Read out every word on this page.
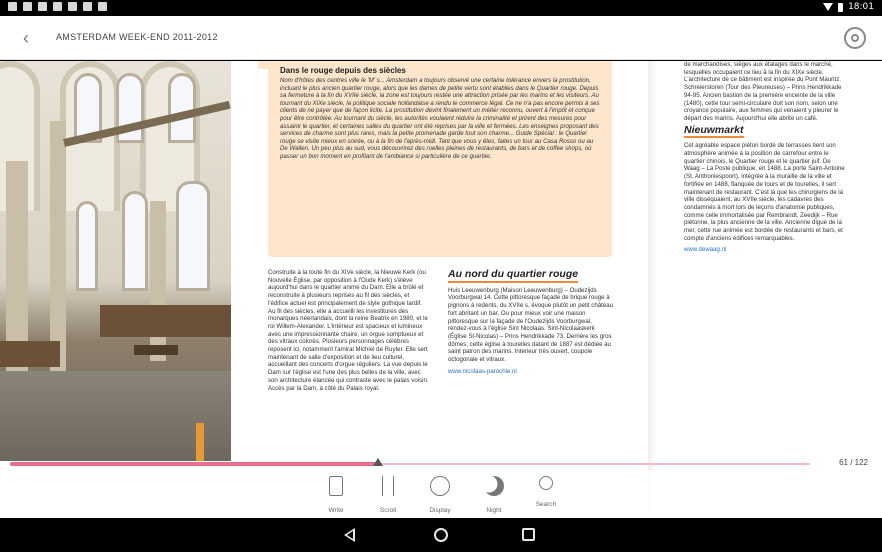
18:01
‹	AMSTERDAM WEEK-END 2011-2012
Dans le rouge depuis des siècles

Nom d'hôtes des centres ville le 'M' s... Amsterdam a toujours observé une certaine tolérance envers la prostitution, incluant le plus ancien quartier rouge, alors que les dames de petite vertu sont établies dans le Quartier rouge. Depuis sa fermeture à la fin du XVIIe siècle, la zone est toujours restée une attraction prisée par les marins et les visiteurs. Au tournant du XIXe siècle, la politique sociale hollandaise a rendu le commerce légal. Ce ne n'a pas encore permis à ses clients de ne payer que de façon licite. La prostitution devint finalement un métier reconnu, ouvert à l'impôt et conçue pour être contrôlée. Au tournant du siècle, les autorités voulaient réduire la criminalité et prirent des mesures pour assainir le quartier, et certaines salles du quartier ont été reprises par la ville et fermées. Les enseignes proposant des services de charme sont plus rares, mais la petite promenade garde tout son charme... Guide Spécial : le Quartier rouge se visite mieux en soirée, ou à la fin de l'après-midi. Tant que vous y êtes, faites un tour au Casa Rosso ou au De Wallen. Un peu plus au sud, vous découvrirez des ruelles pleines de restaurants, de bars et de coffee shops, où passer un bon moment en profitant de l'ambiance si particulière de ce quartier.

Construite à la toute fin du XIVe siècle, la Nieuwe Kerk (ou Nouvelle Église, par opposition à l'Oude Kerk) s'élève aujourd'hui dans le quartier animé du Dam. Elle a brûlé et reconstruite à plusieurs reprises au fil des siècles, et l'édifice actuel est principalement de style gothique tardif. Au fil des siècles, elle a accueilli les investitures des monarques néerlandais, dont la reine Beatrix en 1980, et le roi Willem-Alexander. L'intérieur est spacieux et lumineux avec une impressionnante chaire, un orgue somptueux et des vitraux colorés. Plusieurs personnages célèbres reposent ici, notamment l'amiral Michiel de Ruyter. Elle sert maintenant de salle d'exposition et de lieu culturel, accueillant des concerts d'orgue réguliers. La vue depuis le Dam sur l'église est l'une des plus belles de la ville, avec son architecture élancée qui contraste avec le palais voisin. Accès par la Dam, à côté du Palais royal.

Au nord du quartier rouge

Huis Leeuwenburg (Maison Leeuwenburg) – Oudezijds Voorburgwal 14. Cette pittoresque façade de brique rouge à pignons à redents, du XVIIe s, évoque plutôt un petit château fort abritant un bar. Ou pour mieux voir une maison pittoresque sur la façade de l'Oudezijds Voorburgwal, rendez-vous à l'église Sint Nicolaas. Sint-Nicolaaskerk (Église St-Nicolas) – Prins Hendrikkade 73. Derrière les gros dômes, cette église à tourelles datant de 1887 est dédiée au saint patron des marins. Intérieur très ouvert, coupole octogonale et vitraux.

www.nicolaas-parochie.nl

de marchandises, sièges aux étalages dans le marché, lesquelles occupaient ce lieu à la fin du XIXe siècle. L'architecture de ce bâtiment est inspirée du Pont Mauritz. Schreierstoren (Tour des Pleureuses) – Prins Hendrikkade 94-95. Ancien bastion de la première enceinte de la ville (1480), cette tour semi-circulaire doit son nom, selon une croyance populaire, aux femmes qui venaient y pleurer le départ des marins. Aujourd'hui elle abrite un café.

Nieuwmarkt

Cet agréable espace piéton bordé de terrasses tient son atmosphère animée à la position de carrefour entre le quartier chinois, le Quartier rouge et le quartier juif. De Waag – La Poste publique, en 1488. La porte Saint-Antoine (St. Anthoniespoort), intégrée à la muraille de la ville et fortifiée en 1488, flanquée de tours et de tourelles, il sert maintenant de restaurant. C'est là que les chirurgiens de la ville disséquaient, au XVIIe siècle, les cadavres des condamnés à mort lors de leçons d'anatomie publiques, comme celle immortalisée par Rembrandt. Zeedijk – Rue piétonne, la plus ancienne de la ville. Ancienne digue de la mer, cette rue animée est bordée de restaurants et bars, et compte d'anciens édifices remarquables.

www.dewaag.nl

61 / 122
Write	Scroll	Display	Night
Search
